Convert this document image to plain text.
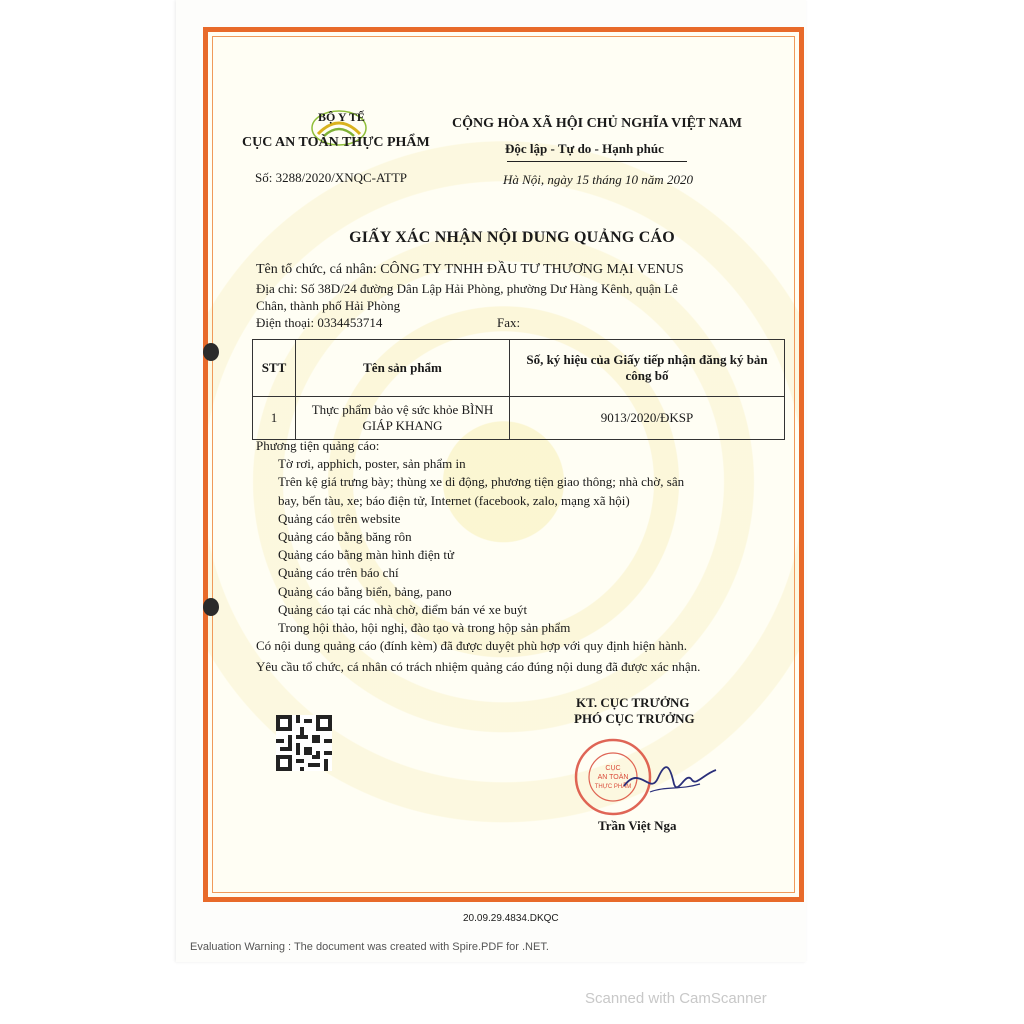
BỘ Y TẾ
CỤC AN TOÀN THỰC PHẨM
Số: 3288/2020/XNQC-ATTP
CỘNG HÒA XÃ HỘI CHỦ NGHĨA VIỆT NAM
Độc lập - Tự do - Hạnh phúc
Hà Nội, ngày 15 tháng 10 năm 2020
GIẤY XÁC NHẬN NỘI DUNG QUẢNG CÁO
Tên tổ chức, cá nhân: CÔNG TY TNHH ĐẦU TƯ THƯƠNG MẠI VENUS
Địa chỉ: Số 38D/24 đường Dân Lập Hải Phòng, phường Dư Hàng Kênh, quận Lê
Chân, thành phố Hải Phòng
Điện thoại: 0334453714	Fax:
STT	Tên sản phẩm	Số, ký hiệu của Giấy tiếp nhận đăng ký bản công bố
1	Thực phẩm bảo vệ sức khỏe BÌNH GIÁP KHANG	9013/2020/ĐKSP
Phương tiện quảng cáo:
Tờ rơi, apphich, poster, sản phẩm in
Trên kệ giá trưng bày; thùng xe di động, phương tiện giao thông; nhà chờ, sân
bay, bến tàu, xe; báo điện tử, Internet (facebook, zalo, mạng xã hội)
Quảng cáo trên website
Quảng cáo bằng băng rôn
Quảng cáo bằng màn hình điện tử
Quảng cáo trên báo chí
Quảng cáo bằng biển, bảng, pano
Quảng cáo tại các nhà chờ, điểm bán vé xe buýt
Trong hội thảo, hội nghị, đào tạo và trong hộp sản phẩm
Có nội dung quảng cáo (đính kèm) đã được duyệt phù hợp với quy định hiện hành.
Yêu cầu tổ chức, cá nhân có trách nhiệm quảng cáo đúng nội dung đã được xác nhận.
KT. CỤC TRƯỞNG
PHÓ CỤC TRƯỞNG
CỤC
AN TOÀN
THỰC PHẨM
Trần Việt Nga
20.09.29.4834.DKQC
Evaluation Warning : The document was created with Spire.PDF for .NET.
Scanned with CamScanner
